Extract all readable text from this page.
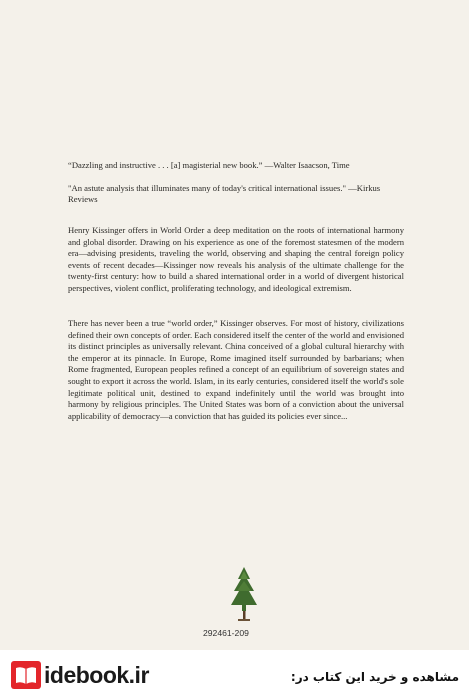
“Dazzling and instructive . . . [a] magisterial new book.” —Walter Isaacson, Time
"An astute analysis that illuminates many of today's critical international issues." —Kirkus Reviews

Henry Kissinger offers in World Order a deep meditation on the roots of international harmony and global disorder. Drawing on his experience as one of the foremost statesmen of the modern era—advising presidents, traveling the world, observing and shaping the central foreign policy events of recent decades—Kissinger now reveals his analysis of the ultimate challenge for the twenty-first century: how to build a shared international order in a world of divergent historical perspectives, violent conflict, proliferating technology, and ideological extremism.

There has never been a true “world order,” Kissinger observes. For most of history, civilizations defined their own concepts of order. Each considered itself the center of the world and envisioned its distinct principles as universally relevant. China conceived of a global cultural hierarchy with the emperor at its pinnacle. In Europe, Rome imagined itself surrounded by barbarians; when Rome fragmented, European peoples refined a concept of an equilibrium of sovereign states and sought to export it across the world. Islam, in its early centuries, considered itself the world's sole legitimate political unit, destined to expand indefinitely until the world was brought into harmony by religious principles. The United States was born of a conviction about the universal applicability of democracy—a conviction that has guided its policies ever since...

292461-209
idebook.ir	مشاهده و خرید این کتاب در:
